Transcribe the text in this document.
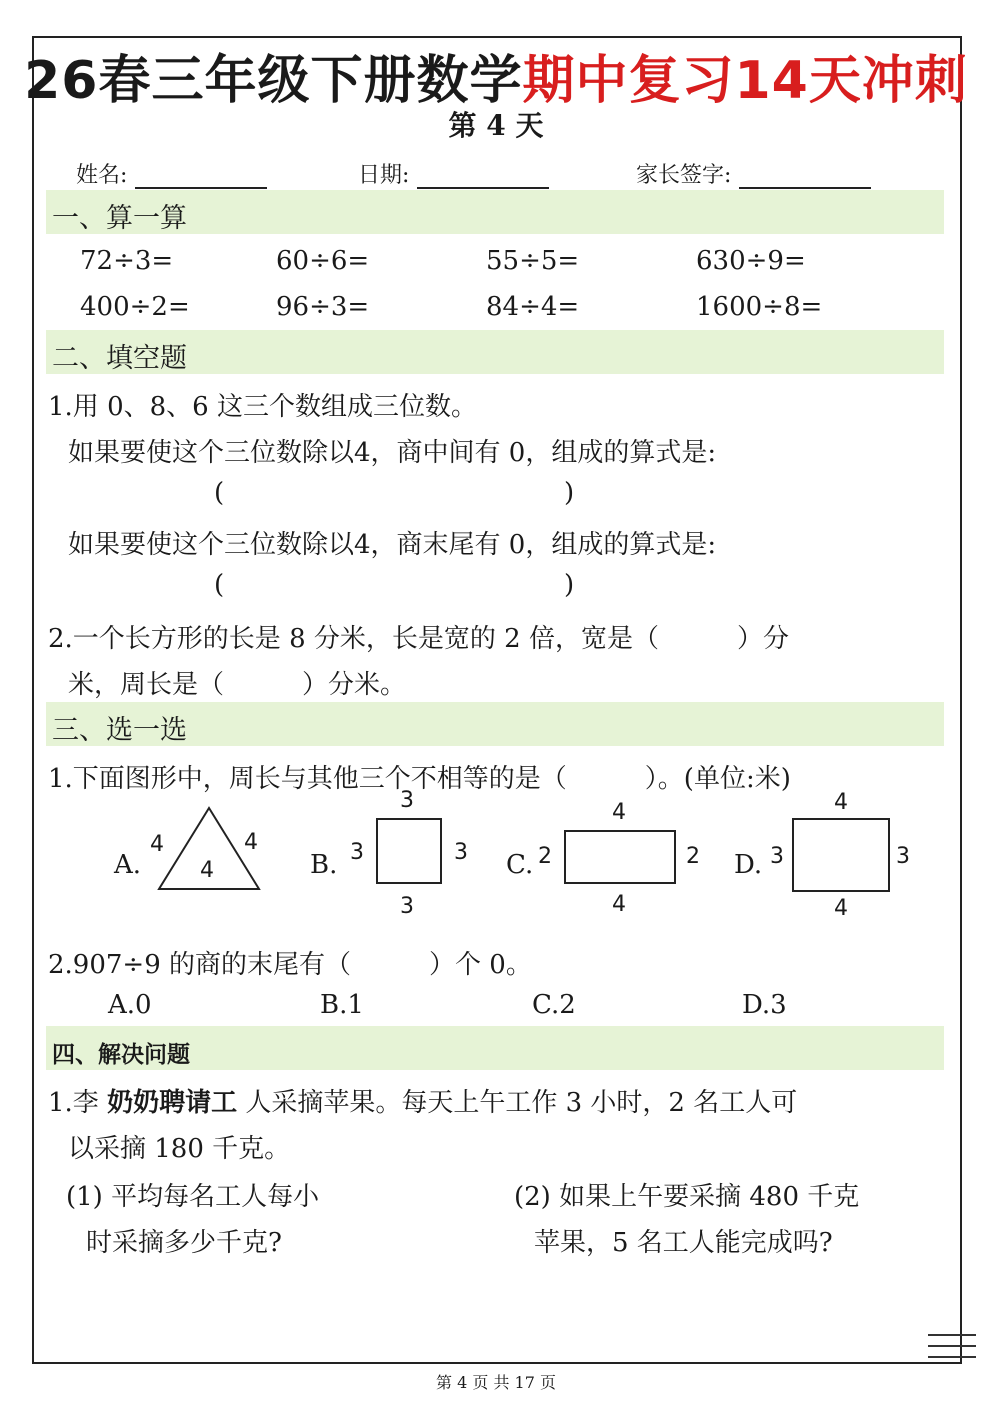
26春三年级下册数学期中复习14天冲刺
第 4 天
姓名:	日期:	家长签字:
一、算一算
72÷3=	60÷6=	55÷5=	630÷9=
400÷2=	96÷3=	84÷4=	1600÷8=
二、填空题
1.用 0、8、6 这三个数组成三位数。
如果要使这个三位数除以4，商中间有 0，组成的算式是:
(	)
如果要使这个三位数除以4，商末尾有 0，组成的算式是:
(	)
2.一个长方形的长是 8 分米，长是宽的 2 倍，宽是（　　　）分
米，周长是（　　　）分米。
三、选一选
1.下面图形中，周长与其他三个不相等的是（　　　）。(单位:米)
A.
4	4
4	B.
3
3	3
3
C.
4
2	2
4
D.
4
3	3
4
2.907÷9 的商的末尾有（　　　）个 0。
A.0	B.1	C.2	D.3
四、解决问题
1.李 奶奶聘请工 人采摘苹果。每天上午工作 3 小时，2 名工人可
以采摘 180 千克。
(1) 平均每名工人每小
时采摘多少千克?
(2) 如果上午要采摘 480 千克
苹果，5 名工人能完成吗?
第 4 页 共 17 页
